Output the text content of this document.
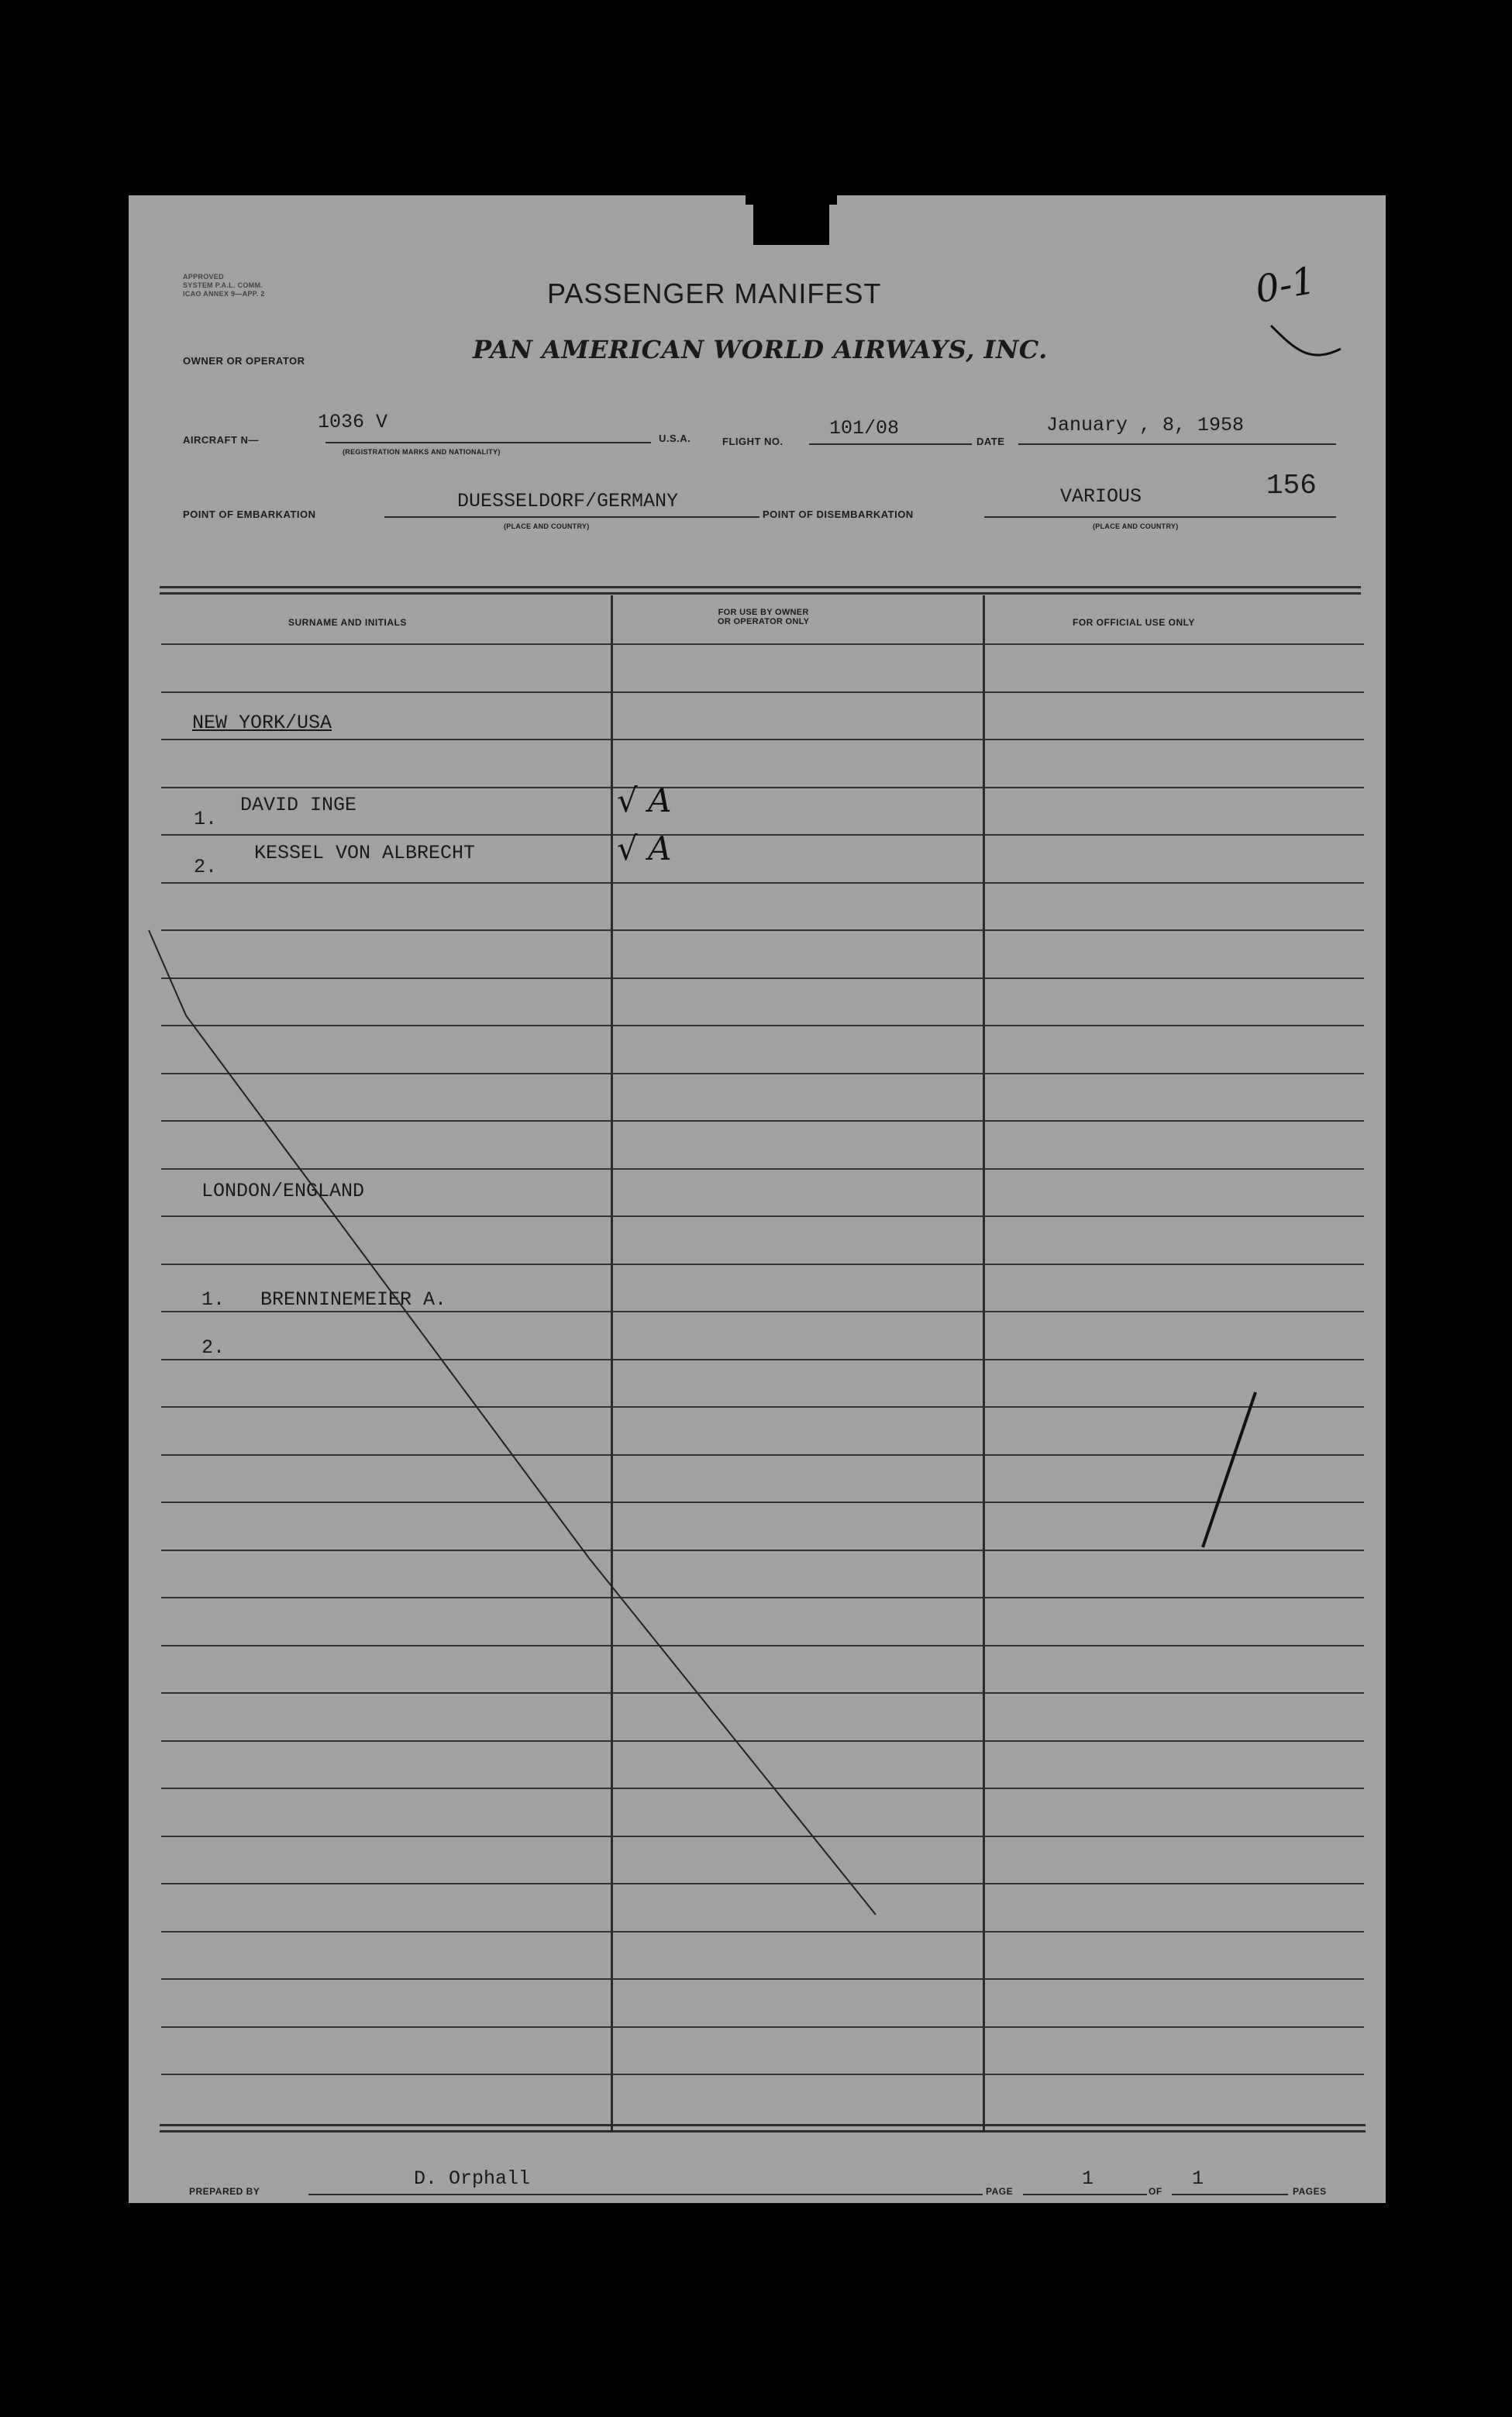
APPROVED
SYSTEM P.A.L. COMM.
ICAO ANNEX 9—APP. 2	PASSENGER MANIFEST	0-1
OWNER OR OPERATOR	PAN AMERICAN WORLD AIRWAYS, INC.
AIRCRAFT N—
1036 V
(REGISTRATION MARKS AND NATIONALITY)
U.S.A.	FLIGHT NO.
101/08
DATE
January , 8, 1958
POINT OF EMBARKATION
DUESSELDORF/GERMANY
(PLACE AND COUNTRY)
POINT OF DISEMBARKATION
VARIOUS
(PLACE AND COUNTRY)
156
SURNAME AND INITIALS
FOR USE BY OWNER
OR OPERATOR ONLY	FOR OFFICIAL USE ONLY
NEW YORK/USA
1.
DAVID INGE	√ A
2.
KESSEL VON ALBRECHT	√ A
LONDON/ENGLAND
1. BRENNINEMEIER A.
2.
PREPARED BY
D. Orphall
PAGE
1
OF
1
PAGES
